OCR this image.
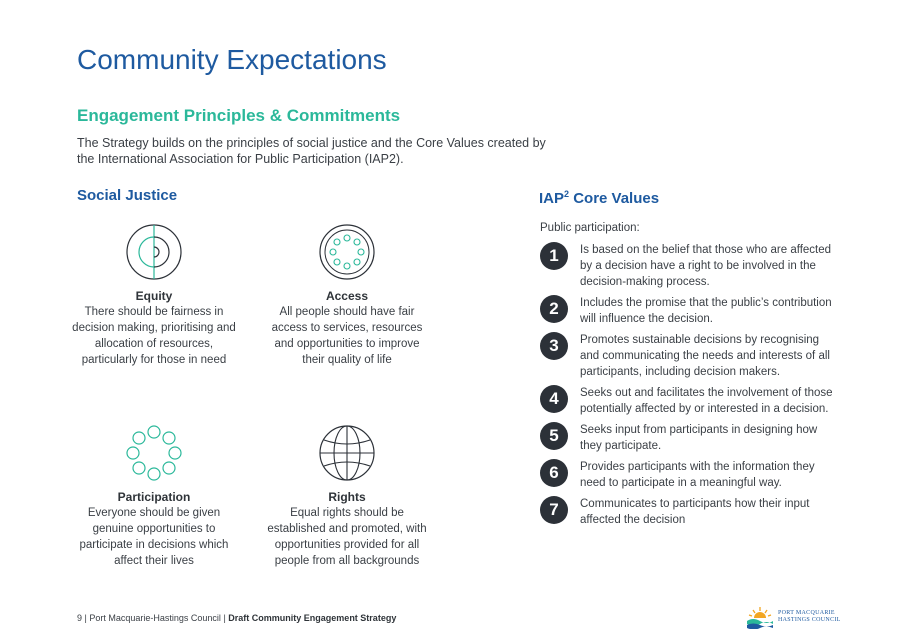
Community Expectations
Engagement Principles & Commitments
The Strategy builds on the principles of social justice and the Core Values created by the International Association for Public Participation (IAP2).
Social Justice
Equity
There should be fairness in decision making, prioritising and allocation of resources, particularly for those in need
Access
All people should have fair access to services, resources and opportunities to improve their quality of life
Participation
Everyone should be given genuine opportunities to participate in decisions which affect their lives
Rights
Equal rights should be established and promoted, with opportunities provided for all people from all backgrounds
IAP$^2$ Core Values
Public participation:
1	Is based on the belief that those who are affected by a decision have a right to be involved in the decision-making process.
2	Includes the promise that the public’s contribution will influence the decision.
3	Promotes sustainable decisions by recognising and communicating the needs and interests of all participants, including decision makers.
4	Seeks out and facilitates the involvement of those potentially affected by or interested in a decision.
5	Seeks input from participants in designing how they participate.
6	Provides participants with the information they need to participate in a meaningful way.
7	Communicates to participants how their input affected the decision
9 | Port Macquarie-Hastings Council | Draft Community Engagement Strategy	PORT MACQUARIE
HASTINGS COUNCIL
